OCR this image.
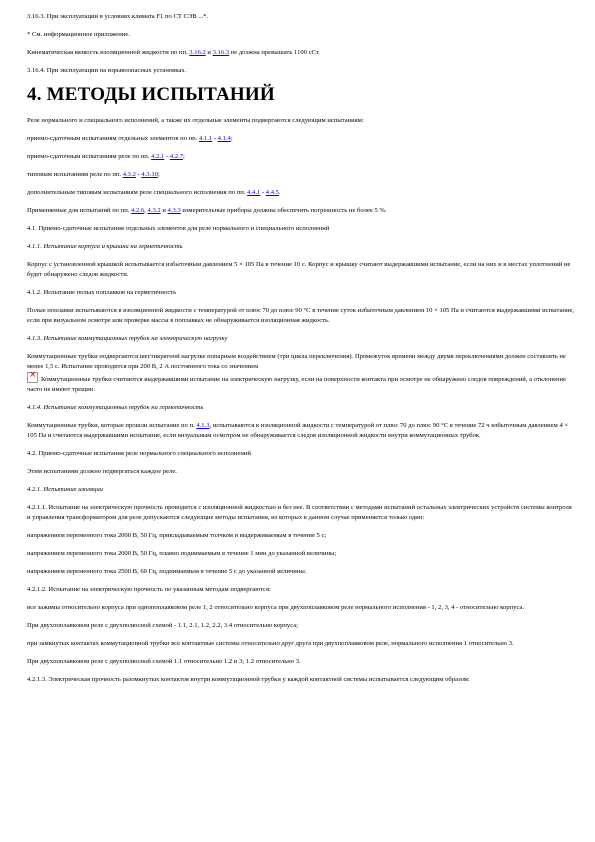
3.16.3. При эксплуатации в условиях климата F1 по СТ СЭВ ...*.

* См. информационное приложение.

Кинематическая вязкость изоляционной жидкости по пп. 3.16.2 и 3.16.3 не должна превышать 1100 сСт.

3.16.4. При эксплуатации на взрывоопасных установках.

4. МЕТОДЫ ИСПЫТАНИЙ

Реле нормального и специального исполнений, а также их отдельные элементы подвергаются следующим испытаниям:

приемо-сдаточным испытаниям отдельных элементов по пп. 4.1.1 - 4.1.4;

приемо-сдаточным испытаниям реле по пп. 4.2.1 - 4.2.7;

типовым испытаниям реле по пп. 4.3.2 - 4.3.10;

дополнительным типовым испытаниям реле специального исполнения по пп. 4.4.1 - 4.4.5.

Применяемые для испытаний по пп. 4.2.6, 4.3.2 и 4.3.3 измерительные приборы должны обеспечить погрешность не более 5 %.

4.1. Приемо-сдаточные испытания отдельных элементов для реле нормального и специального исполнений

4.1.1. Испытание корпуса и крышки на герметичность

Корпус с установленной крышкой испытывается избыточным давлением 5 × 105 Па в течение 10 с. Корпус и крышку считают выдержавшими испытание, если на них и в местах уплотнений не будет обнаружено следов жидкости.

4.1.2. Испытание полых поплавков на герметичность

Полые поплавки испытываются в изоляционной жидкости с температурой от плюс 70 до плюс 90 °С в течение суток избыточным давлением 10 × 105 Па и считаются выдержавшими испытание, если при визуальном осмотре или проверке массы в поплавках не обнаруживается изоляционная жидкость.

4.1.3. Испытание коммутационных трубок на электрическую нагрузку

Коммутационные трубки подвергаются шестикратной нагрузке попарным воздействием (три цикла переключения). Промежуток времени между двумя переключениями должен составлять не менее 1,5 с. Испытание проводится при 200 В, 2 А постоянного тока со значением
×Коммутационные трубки считаются выдержавшими испытание на электрическую нагрузку, если на поверхности контакта при осмотре не обнаружено следов повреждений, а отклонение часто не имеют трещин.

4.1.4. Испытание коммутационных трубок на герметичность

Коммутационные трубки, которые прошли испытание по п. 4.1.3, испытываются в изоляционной жидкости с температурой от плюс 70 до плюс 90 °С в течение 72 ч избыточным давлением 4 × 105 Па и считаются выдержавшими испытание, если визуальным осмотром не обнаруживается следов изоляционной жидкости внутри коммутационных трубок.

4.2. Приемо-сдаточные испытания реле нормального специального исполнений

Этим испытаниям должно подвергаться каждое реле.

4.2.1. Испытание изоляции

4.2.1.1. Испытание на электрическую прочность проводится с изоляционной жидкостью и без нее. В соответствии с методами испытаний остальных электрических устройств системы контроля и управления трансформатором для реле допускаются следующие методы испытания, из которых в данном случае применяется только один:

напряжением переменного тока 2000 В, 50 Гц, прикладываемым толчком и выдерживаемым в течение 5 с;

напряжением переменного тока 2000 В, 50 Гц, плавно поднимаемым в течение 1 мин до указанной величины;

напряжением переменного тока 2500 В, 60 Гц, поднимаемым в течение 5 с до указанной величины.

4.2.1.2. Испытание на электрическую прочность по указанным методам подвергаются:

все зажимы относительно корпуса при однопоплавковом реле 1, 2 относительно корпуса при двухпоплавковом реле нормального исполнения - 1, 2, 3, 4 - относительно корпуса.

При двухпоплавковом реле с двухполюсной схемой - 1.1, 2.1, 1.2, 2.2, 3.4 относительно корпуса;

при замкнутых контактах коммутационной трубки все контактные системы относительно друг друга при двухпоплавковом реле, нормального исполнения 1 относительно 3.

При двухпоплавковом реле с двухполюсной схемой 1.1 относительно 1.2 и 3; 1.2 относительно 3.

4.2.1.3. Электрическая прочность разомкнутых контактов внутри коммутационной трубки у каждой контактной системы испытывается следующим образом:
